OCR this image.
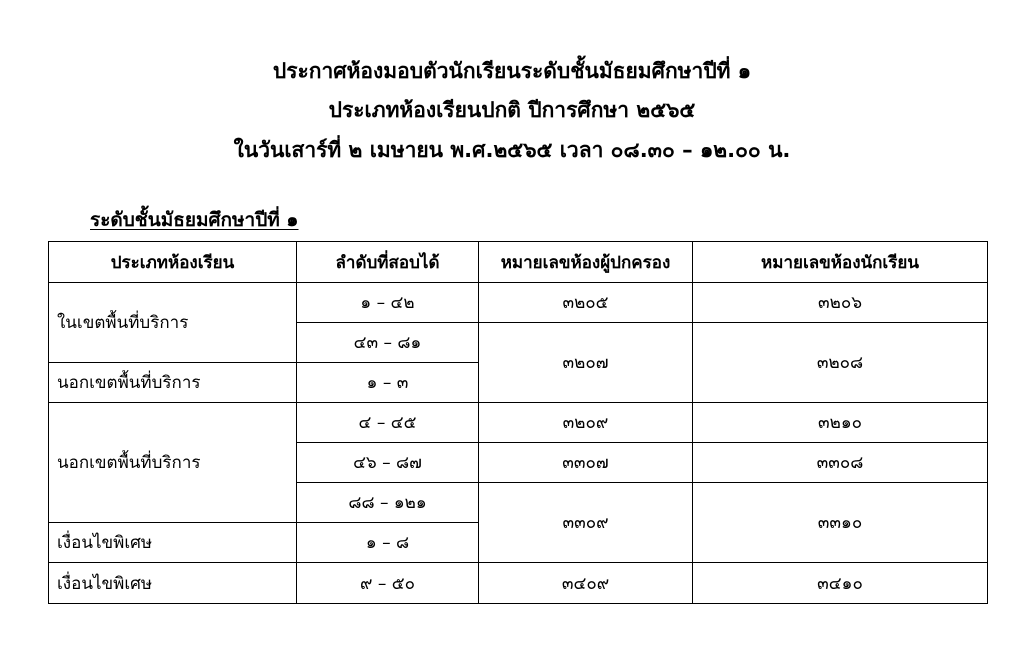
ประกาศห้องมอบตัวนักเรียนระดับชั้นมัธยมศึกษาปีที่ ๑
ประเภทห้องเรียนปกติ ปีการศึกษา ๒๕๖๕
ในวันเสาร์ที่ ๒ เมษายน พ.ศ.๒๕๖๕ เวลา ๐๘.๓๐ – ๑๒.๐๐ น.
ระดับชั้นมัธยมศึกษาปีที่ ๑
ประเภทห้องเรียน	ลำดับที่สอบได้	หมายเลขห้องผู้ปกครอง	หมายเลขห้องนักเรียน
ในเขตพื้นที่บริการ	๑ – ๔๒	๓๒๐๕	๓๒๐๖
	๔๓ – ๘๑	๓๒๐๗	๓๒๐๘
นอกเขตพื้นที่บริการ	๑ – ๓		
นอกเขตพื้นที่บริการ	๔ – ๔๕	๓๒๐๙	๓๒๑๐
	๔๖ – ๘๗	๓๓๐๗	๓๓๐๘
	๘๘ – ๑๒๑	๓๓๐๙	๓๓๑๐
เงื่อนไขพิเศษ	๑ – ๘		
เงื่อนไขพิเศษ	๙ – ๕๐	๓๔๐๙	๓๔๑๐
